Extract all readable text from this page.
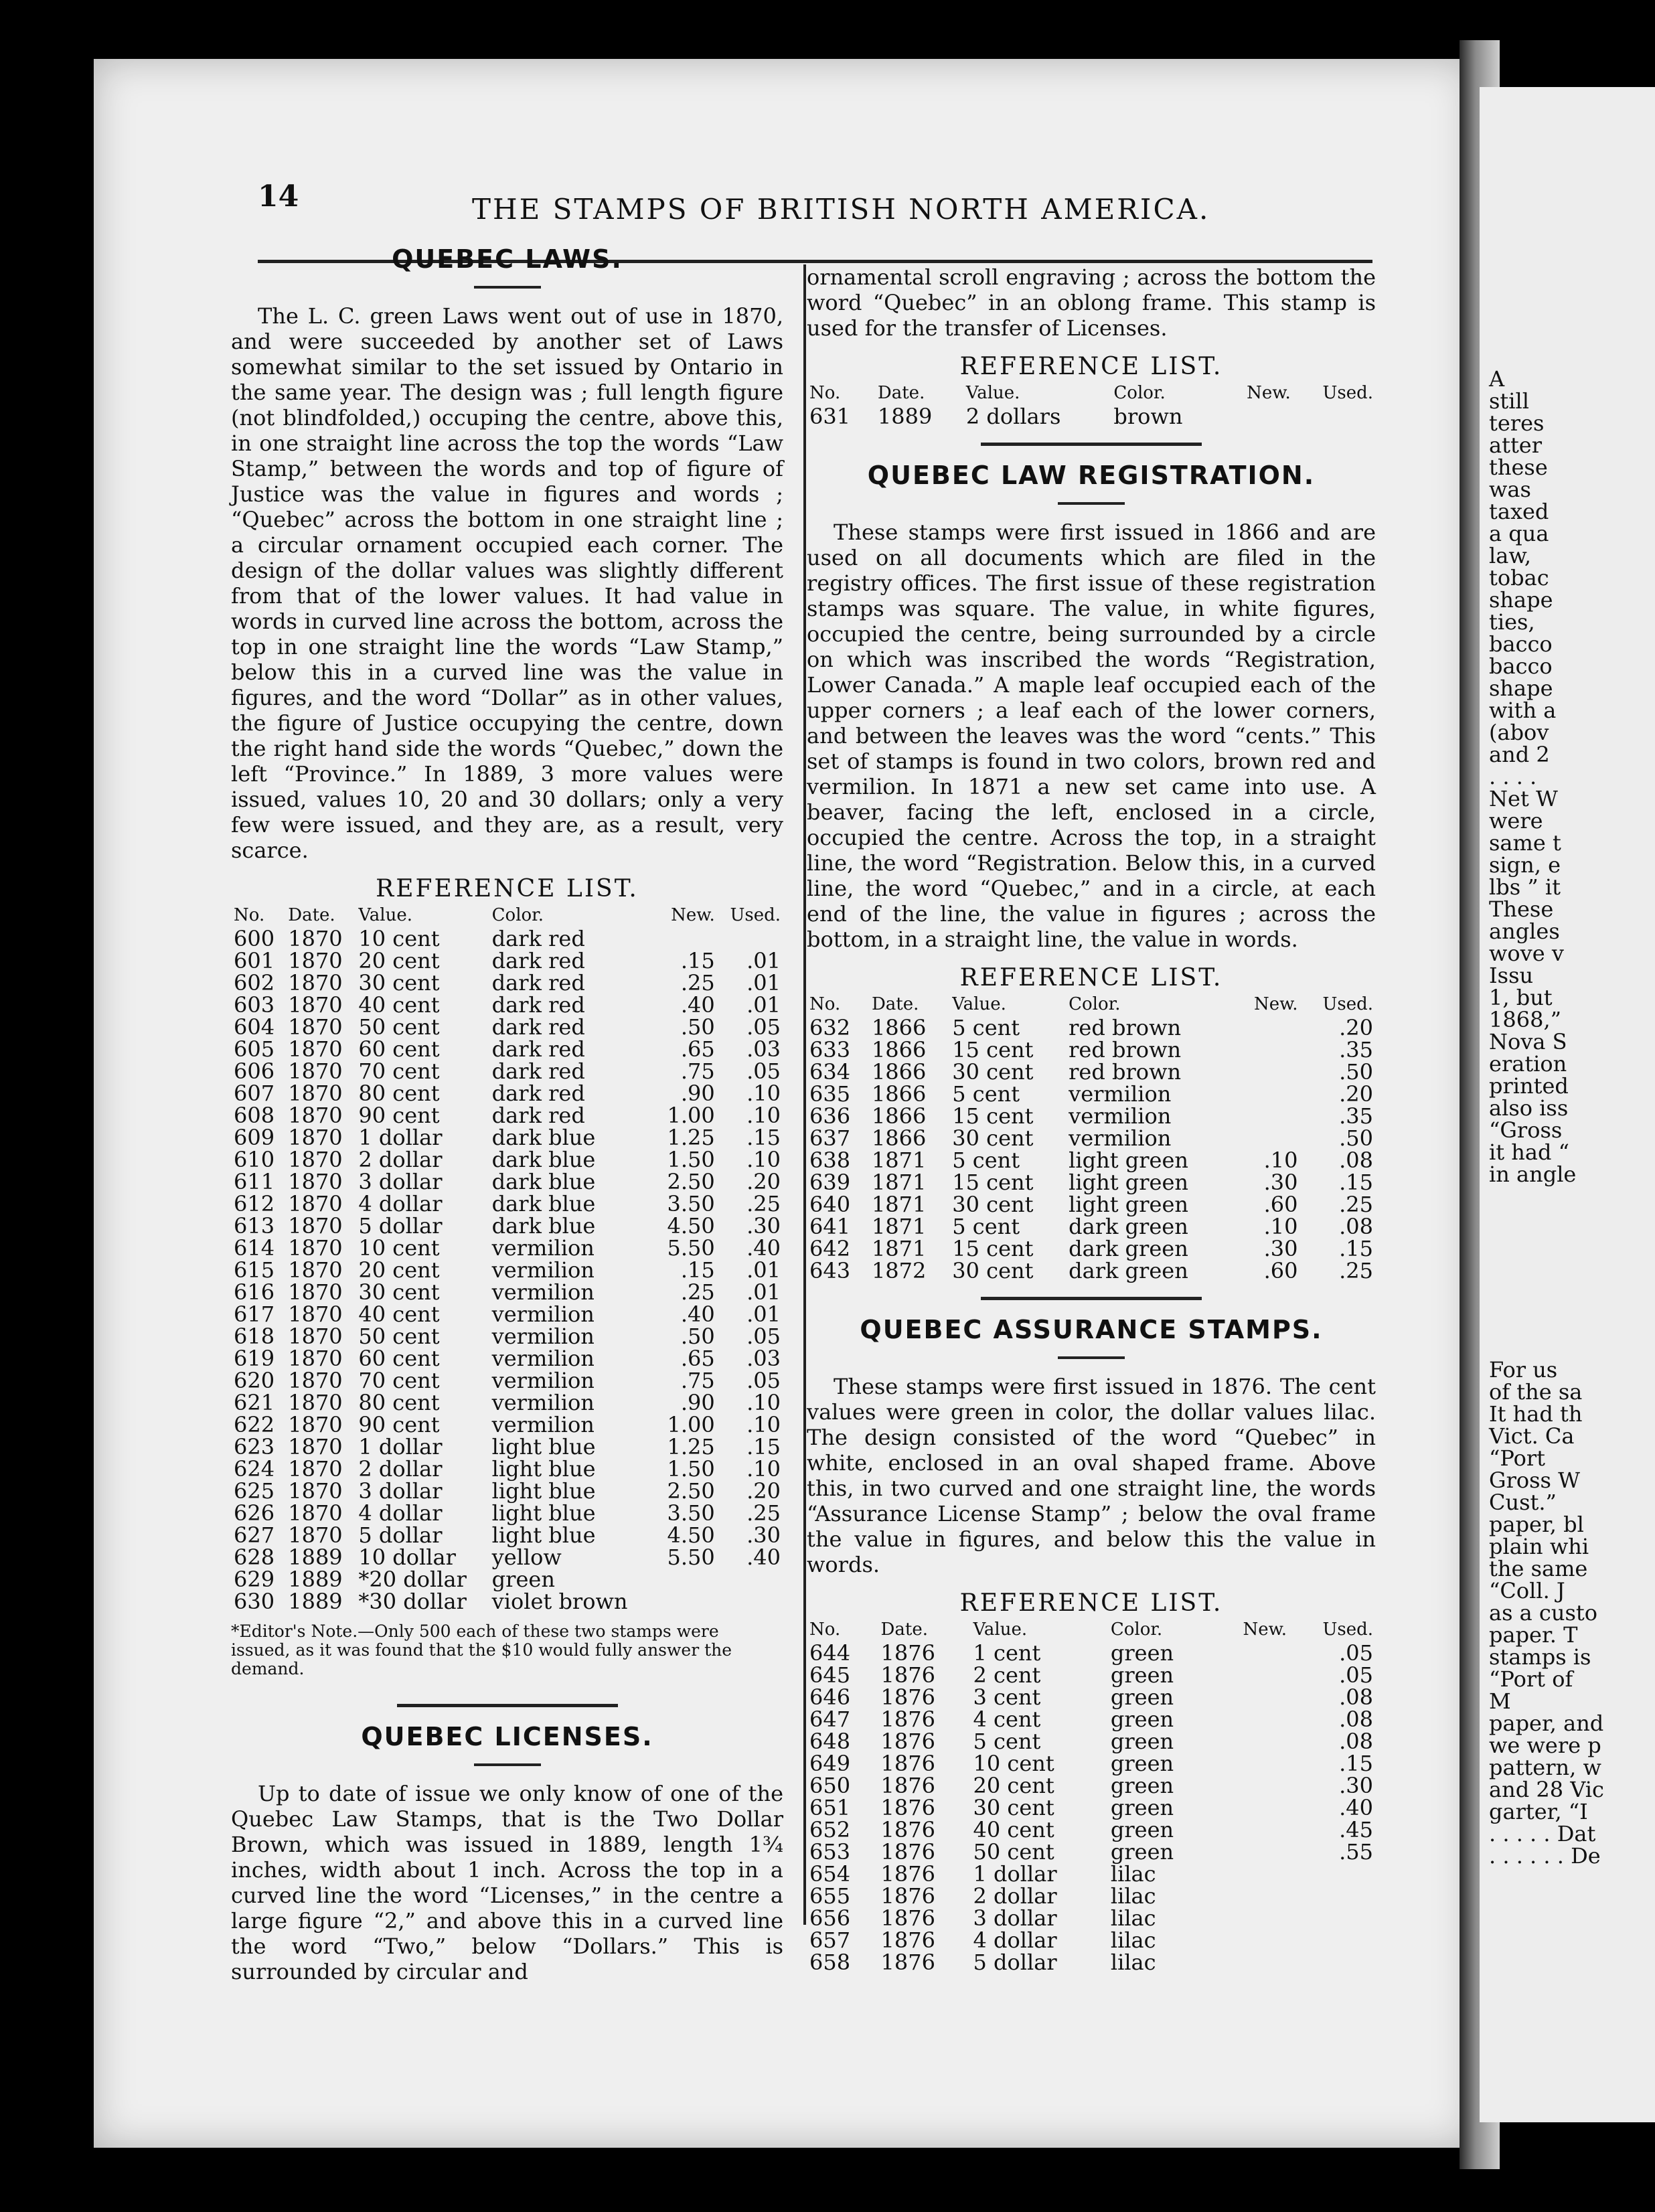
A
still
teres
atter
these
was
taxed
a qua
law,
tobac
shape
ties,
bacco
bacco
shape
with a
(abov
and 2
. . . .
Net W
were
same t
sign, e
lbs ” it
These
angles
wove v
Issu
1, but
1868,”
Nova S
eration
printed
also iss
“Gross
it had “
in angle
For us
of the sa
It had th
Vict. Ca
“Port
Gross W
Cust.”
paper, bl
plain whi
the same
“Coll. J
as a custo
paper. T
stamps is
“Port of
M
paper, and
we were p
pattern, w
and 28 Vic
garter, “I
. . . . . Dat
. . . . . . De
14	THE STAMPS OF BRITISH NORTH AMERICA.
QUEBEC LAWS.

The L. C. green Laws went out of use in 1870, and were succeeded by another set of Laws somewhat similar to the set issued by Ontario in the same year. The design was ; full length figure (not blindfolded,) occuping the centre, above this, in one straight line across the top the words “Law Stamp,” between the words and top of figure of Justice was the value in figures and words ; “Quebec” across the bottom in one straight line ; a circular ornament occupied each corner. The design of the dollar values was slightly different from that of the lower values. It had value in words in curved line across the bottom, across the top in one straight line the words “Law Stamp,” below this in a curved line was the value in figures, and the word “Dollar” as in other values, the figure of Justice occupying the centre, down the right hand side the words “Quebec,” down the left “Province.” In 1889, 3 more values were issued, values 10, 20 and 30 dollars; only a very few were issued, and they are, as a result, very scarce.

REFERENCE LIST.
No.	Date.	Value.	Color.	New.	Used.
600	1870	10 cent	dark red		
601	1870	20 cent	dark red	.15	.01
602	1870	30 cent	dark red	.25	.01
603	1870	40 cent	dark red	.40	.01
604	1870	50 cent	dark red	.50	.05
605	1870	60 cent	dark red	.65	.03
606	1870	70 cent	dark red	.75	.05
607	1870	80 cent	dark red	.90	.10
608	1870	90 cent	dark red	1.00	.10
609	1870	1 dollar	dark blue	1.25	.15
610	1870	2 dollar	dark blue	1.50	.10
611	1870	3 dollar	dark blue	2.50	.20
612	1870	4 dollar	dark blue	3.50	.25
613	1870	5 dollar	dark blue	4.50	.30
614	1870	10 cent	vermilion	5.50	.40
615	1870	20 cent	vermilion	.15	.01
616	1870	30 cent	vermilion	.25	.01
617	1870	40 cent	vermilion	.40	.01
618	1870	50 cent	vermilion	.50	.05
619	1870	60 cent	vermilion	.65	.03
620	1870	70 cent	vermilion	.75	.05
621	1870	80 cent	vermilion	.90	.10
622	1870	90 cent	vermilion	1.00	.10
623	1870	1 dollar	light blue	1.25	.15
624	1870	2 dollar	light blue	1.50	.10
625	1870	3 dollar	light blue	2.50	.20
626	1870	4 dollar	light blue	3.50	.25
627	1870	5 dollar	light blue	4.50	.30
628	1889	10 dollar	yellow	5.50	.40
629	1889	*20 dollar	green		
630	1889	*30 dollar	violet brown		
*Editor's Note.—Only 500 each of these two stamps were issued, as it was found that the $10 would fully answer the demand.
QUEBEC LICENSES.

Up to date of issue we only know of one of the Quebec Law Stamps, that is the Two Dollar Brown, which was issued in 1889, length 1¾ inches, width about 1 inch. Across the top in a curved line the word “Licenses,” in the centre a large figure “2,” and above this in a curved line the word “Two,” below “Dollars.” This is surrounded by circular and

ornamental scroll engraving ; across the bottom the word “Quebec” in an oblong frame. This stamp is used for the transfer of Licenses.

REFERENCE LIST.
No.	Date.	Value.	Color.	New.	Used.
631	1889	2 dollars	brown		
QUEBEC LAW REGISTRATION.

These stamps were first issued in 1866 and are used on all documents which are filed in the registry offices. The first issue of these registration stamps was square. The value, in white figures, occupied the centre, being surrounded by a circle on which was inscribed the words “Registration, Lower Canada.” A maple leaf occupied each of the upper corners ; a leaf each of the lower corners, and between the leaves was the word “cents.” This set of stamps is found in two colors, brown red and vermilion. In 1871 a new set came into use. A beaver, facing the left, enclosed in a circle, occupied the centre. Across the top, in a straight line, the word “Registration. Below this, in a curved line, the word “Quebec,” and in a circle, at each end of the line, the value in figures ; across the bottom, in a straight line, the value in words.

REFERENCE LIST.
No.	Date.	Value.	Color.	New.	Used.
632	1866	5 cent	red brown		.20
633	1866	15 cent	red brown		.35
634	1866	30 cent	red brown		.50
635	1866	5 cent	vermilion		.20
636	1866	15 cent	vermilion		.35
637	1866	30 cent	vermilion		.50
638	1871	5 cent	light green	.10	.08
639	1871	15 cent	light green	.30	.15
640	1871	30 cent	light green	.60	.25
641	1871	5 cent	dark green	.10	.08
642	1871	15 cent	dark green	.30	.15
643	1872	30 cent	dark green	.60	.25
QUEBEC ASSURANCE STAMPS.

These stamps were first issued in 1876. The cent values were green in color, the dollar values lilac. The design consisted of the word “Quebec” in white, enclosed in an oval shaped frame. Above this, in two curved and one straight line, the words “Assurance License Stamp” ; below the oval frame the value in figures, and below this the value in words.

REFERENCE LIST.
No.	Date.	Value.	Color.	New.	Used.
644	1876	1 cent	green		.05
645	1876	2 cent	green		.05
646	1876	3 cent	green		.08
647	1876	4 cent	green		.08
648	1876	5 cent	green		.08
649	1876	10 cent	green		.15
650	1876	20 cent	green		.30
651	1876	30 cent	green		.40
652	1876	40 cent	green		.45
653	1876	50 cent	green		.55
654	1876	1 dollar	lilac		
655	1876	2 dollar	lilac		
656	1876	3 dollar	lilac		
657	1876	4 dollar	lilac		
658	1876	5 dollar	lilac		
